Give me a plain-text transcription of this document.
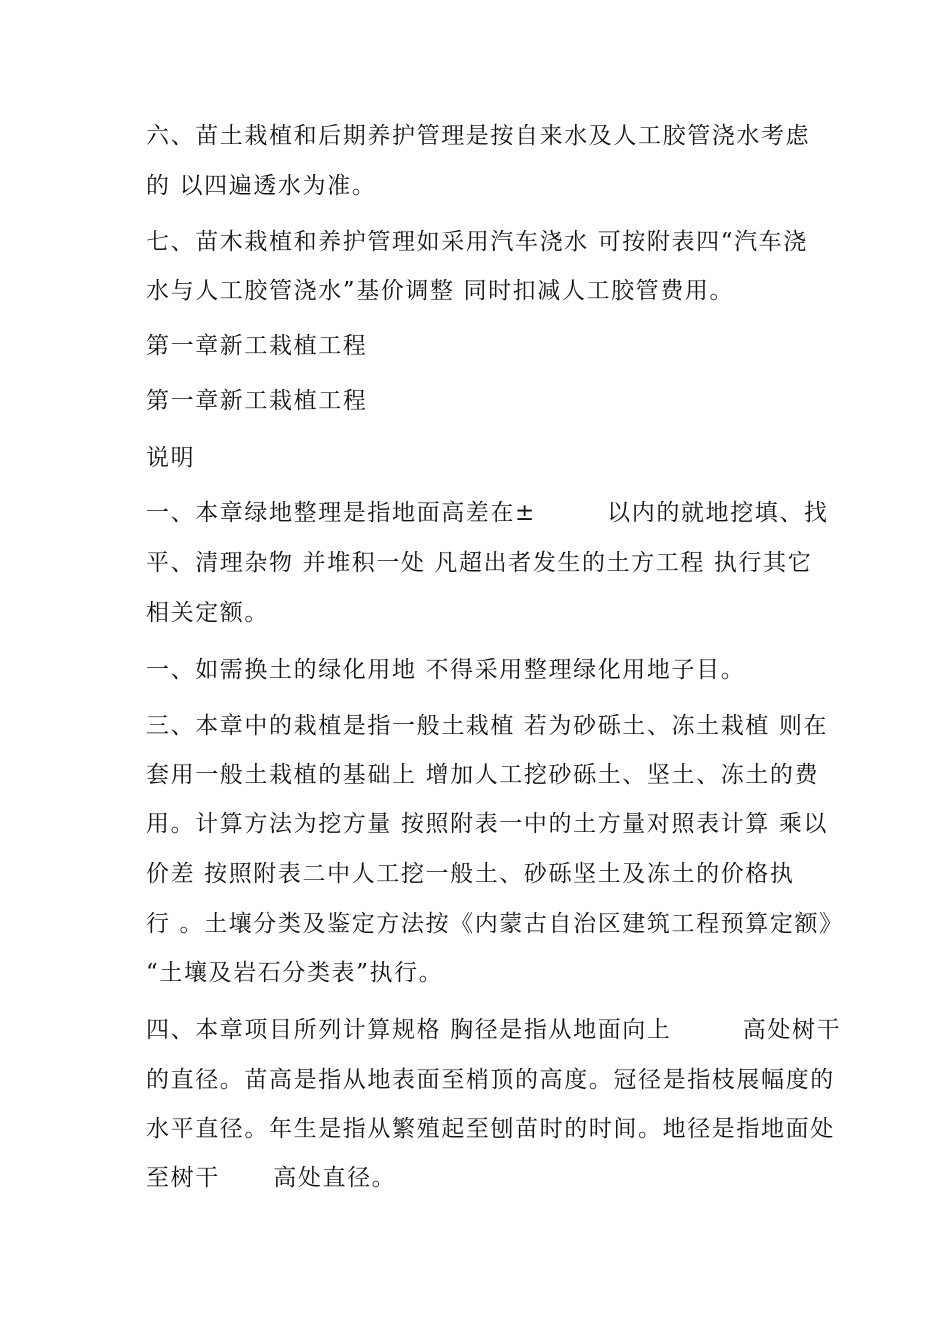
六、苗土栽植和后期养护管理是按自来水及人工胶管浇水考虑
的 以四遍透水为准。
七、苗木栽植和养护管理如采用汽车浇水 可按附表四“汽车浇
水与人工胶管浇水”基价调整 同时扣减人工胶管费用。
第一章新工栽植工程
第一章新工栽植工程
说明
一、本章绿地整理是指地面高差在±        以内的就地挖填、找
平、清理杂物 并堆积一处 凡超出者发生的土方工程 执行其它
相关定额。
一、如需换土的绿化用地 不得采用整理绿化用地子目。
三、本章中的栽植是指一般土栽植 若为砂砾土、冻土栽植 则在
套用一般土栽植的基础上 增加人工挖砂砾土、坚土、冻土的费
用。计算方法为挖方量 按照附表一中的土方量对照表计算 乘以
价差 按照附表二中人工挖一般土、砂砾坚土及冻土的价格执
行 。土壤分类及鉴定方法按《内蒙古自治区建筑工程预算定额》
“土壤及岩石分类表”执行。
四、本章项目所列计算规格 胸径是指从地面向上        高处树干
的直径。苗高是指从地表面至梢顶的高度。冠径是指枝展幅度的
水平直径。年生是指从繁殖起至刨苗时的时间。地径是指地面处
至树干      高处直径。
